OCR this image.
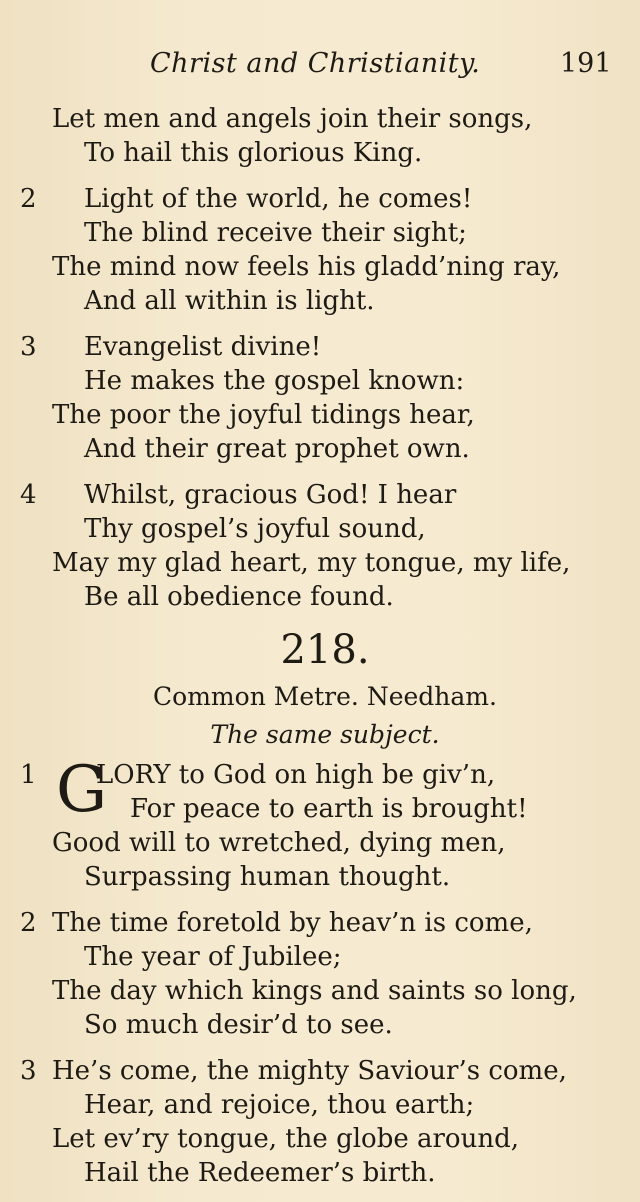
Christ and Christianity.	191
Let men and angels join their songs,
To hail this glorious King.
2	Light of the world, he comes!
The blind receive their sight;
The mind now feels his gladd’ning ray,
And all within is light.
3	Evangelist divine!
He makes the gospel known:
The poor the joyful tidings hear,
And their great prophet own.
4	Whilst, gracious God! I hear
Thy gospel’s joyful sound,
May my glad heart, my tongue, my life,
Be all obedience found.
218.
Common Metre. Needham.
The same subject.
1 G
LORY to God on high be giv’n,
For peace to earth is brought!
Good will to wretched, dying men,
Surpassing human thought.
2 The time foretold by heav’n is come,
The year of Jubilee;
The day which kings and saints so long,
So much desir’d to see.
3 He’s come, the mighty Saviour’s come,
Hear, and rejoice, thou earth;
Let ev’ry tongue, the globe around,
Hail the Redeemer’s birth.
